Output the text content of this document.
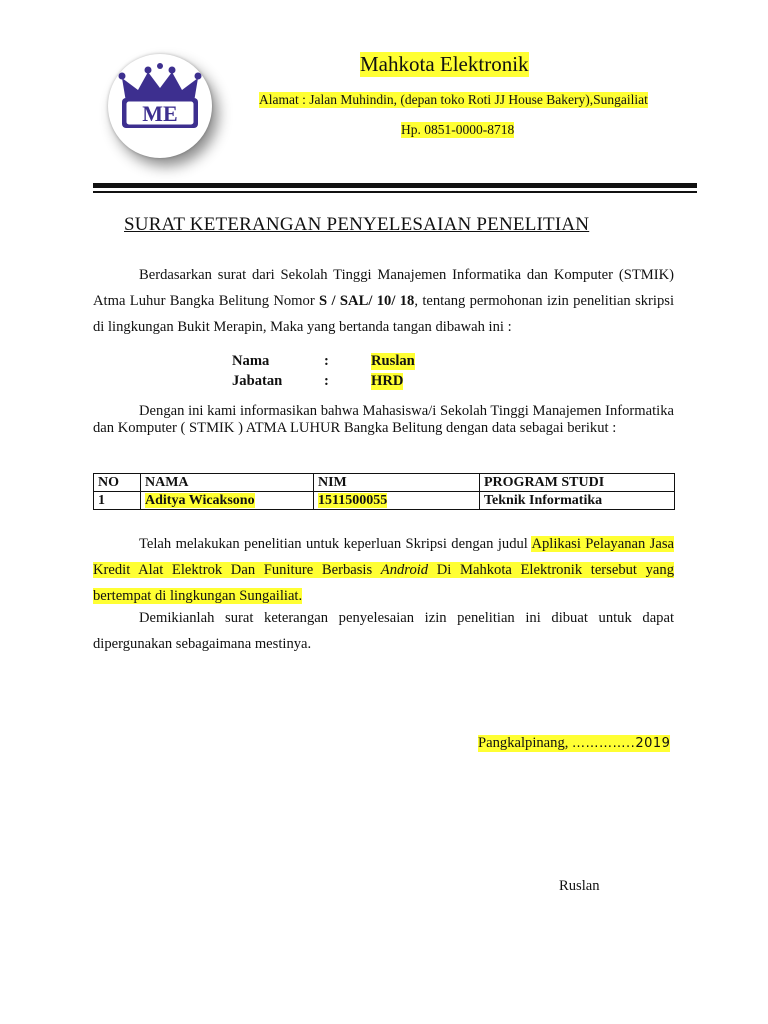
ME
Mahkota Elektronik
Alamat : Jalan Muhindin, (depan toko Roti JJ House Bakery),Sungailiat
Hp. 0851-0000-8718
SURAT KETERANGAN PENYELESAIAN PENELITIAN
Berdasarkan surat dari Sekolah Tinggi Manajemen Informatika dan Komputer (STMIK) Atma Luhur Bangka Belitung Nomor S / SAL/ 10/ 18, tentang permohonan izin penelitian skripsi di lingkungan Bukit Merapin, Maka yang bertanda tangan dibawah ini :
Nama	:	Ruslan
Jabatan	:	HRD
Dengan ini kami informasikan bahwa Mahasiswa/i Sekolah Tinggi Manajemen Informatika dan Komputer ( STMIK ) ATMA LUHUR Bangka Belitung dengan data sebagai berikut :
NO	NAMA	NIM	PROGRAM STUDI
1	Aditya Wicaksono	1511500055	Teknik Informatika
Telah melakukan penelitian untuk keperluan Skripsi dengan judul Aplikasi Pelayanan Jasa Kredit Alat Elektrok Dan Funiture Berbasis Android Di Mahkota Elektronik tersebut yang bertempat di lingkungan Sungailiat.
Demikianlah surat keterangan penyelesaian izin penelitian ini dibuat untuk dapat dipergunakan sebagaimana mestinya.
Pangkalpinang, …………..2019
Ruslan
